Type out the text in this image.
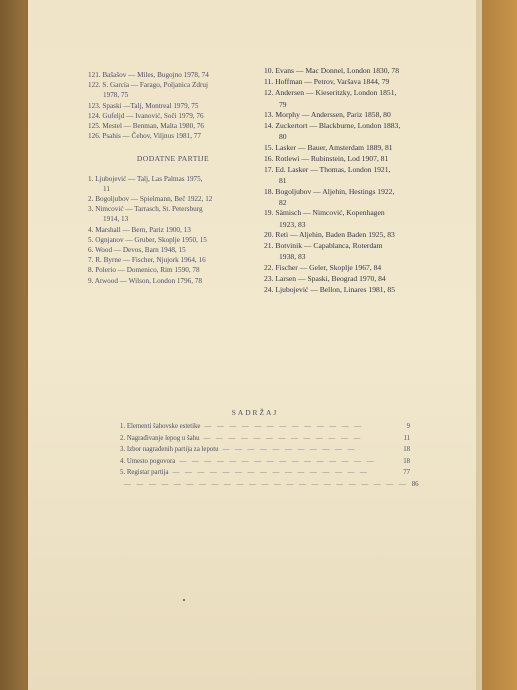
121. Bašašov — Miles, Bugojno 1978, 74
122. S. García — Farago, Poljanica Zdruj
1978, 75
123. Spaski —Talj, Montreal 1979, 75
124. Gufeljd — Ivanović, Soči 1979, 76
125. Mestel — Benman, Malta 1980, 76
126. Psahis — Čehov, Viljnus 1981, 77
DODATNE PARTIJE
1. Ljubojević — Talj, Las Palmas 1975,
11
2. Bogoljubov — Spielmann, Beč 1922, 12
3. Nimcović — Tarrasch, St. Petersburg
1914, 13
4. Marshall — Bern, Pariz 1900, 13
5. Ognjanov — Gruber, Skoplje 1950, 15
6. Wood — Devos, Barn 1948, 15
7. R. Byrne — Fischer, Njujork 1964, 16
8. Polerio — Domenico, Rim 1590, 78
9. Atwood — Wilson, London 1796, 78
10. Evans — Mac Donnel, London 1830, 78
11. Hoffman — Petrov, Varšava 1844, 79
12. Andersen — Kieseritzky, London 1851,
79
13. Morphy — Anderssen, Pariz 1858, 80
14. Zuckertort — Blackburne, London 1883,
80
15. Lasker — Bauer, Amsterdam 1889, 81
16. Rotlewi — Rubinstein, Lod 1907, 81
17. Ed. Lasker — Thomas, London 1921,
81
18. Bogoljubov — Aljehin, Hestings 1922,
82
19. Sämisch — Nimcović, Kopenhagen
1923, 83
20. Reti — Aljehin, Baden Baden 1925, 83
21. Botvinik — Capablanca, Roterdam
1938, 83
22. Fischer — Geler, Skoplje 1967, 84
23. Larsen — Spaski, Beograd 1970, 84
24. Ljubojević — Bellon, Linares 1981, 85
SADRŽAJ
1. Elementi šahovske estetike — — — — — — — — — — — — —	9
2. Nagrađivanje lepog u šahu — — — — — — — — — — — — —	11
3. Izbor nagrađenih partija za lepotu — — — — — — — — — — —	18
4. Umesto pogovora — — — — — — — — — — — — — — — —	18
5. Registar partija — — — — — — — — — — — — — — — —	77
— — — — — — — — — — — — — — — — — — — — — — — 86
